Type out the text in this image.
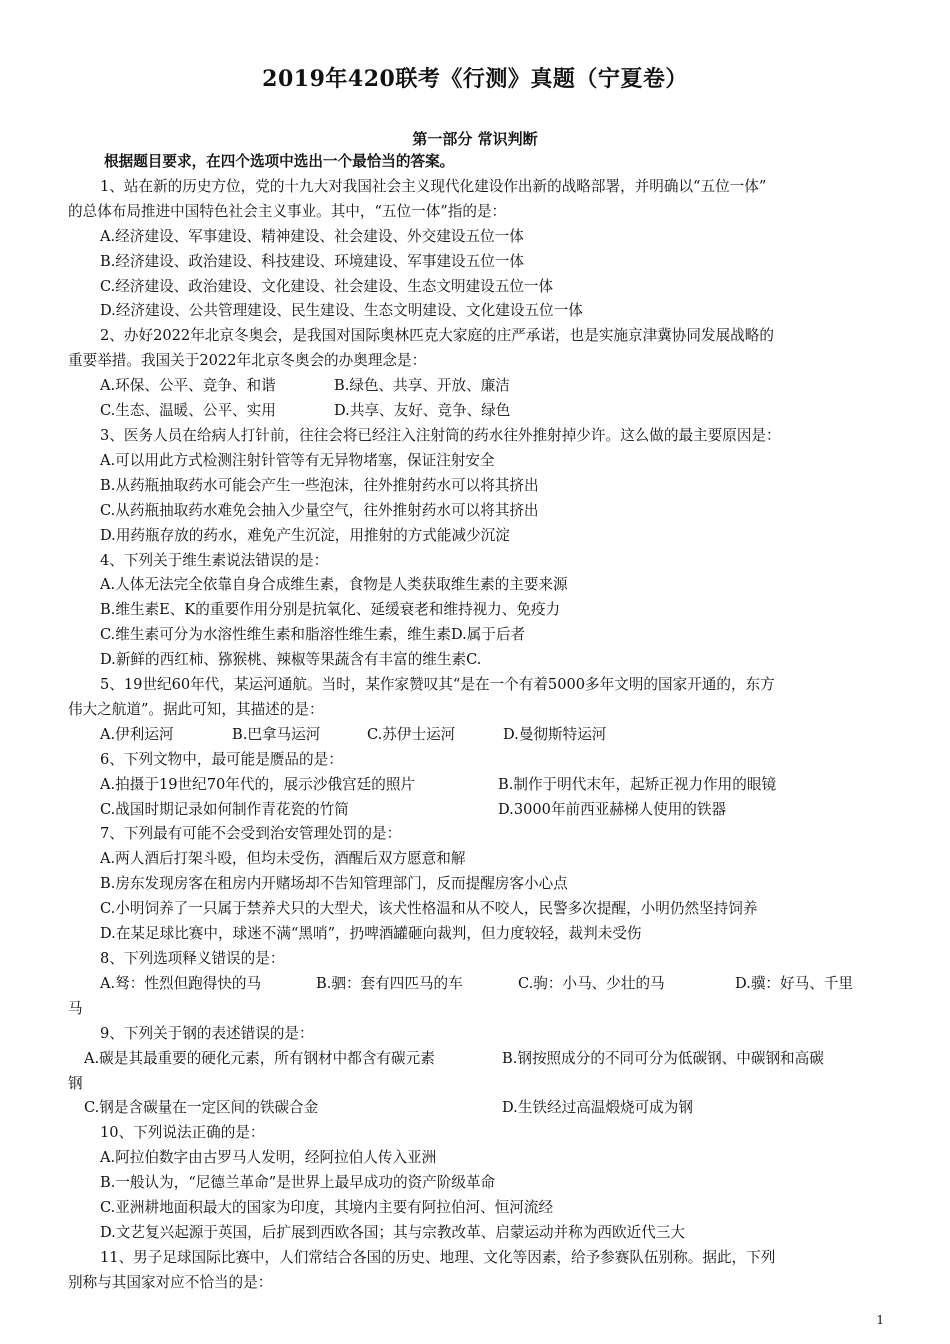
2019年420联考《行测》真题（宁夏卷）
第一部分 常识判断

根据题目要求，在四个选项中选出一个最恰当的答案。

1、站在新的历史方位，党的十九大对我国社会主义现代化建设作出新的战略部署，并明确以“五位一体”

的总体布局推进中国特色社会主义事业。其中，“五位一体”指的是：

A.经济建设、军事建设、精神建设、社会建设、外交建设五位一体

B.经济建设、政治建设、科技建设、环境建设、军事建设五位一体

C.经济建设、政治建设、文化建设、社会建设、生态文明建设五位一体

D.经济建设、公共管理建设、民生建设、生态文明建设、文化建设五位一体

2、办好2022年北京冬奥会，是我国对国际奥林匹克大家庭的庄严承诺，也是实施京津冀协同发展战略的

重要举措。我国关于2022年北京冬奥会的办奥理念是：

A.环保、公平、竞争、和谐	B.绿色、共享、开放、廉洁

C.生态、温暖、公平、实用	D.共享、友好、竞争、绿色

3、医务人员在给病人打针前，往往会将已经注入注射筒的药水往外推射掉少许。这么做的最主要原因是：

A.可以用此方式检测注射针管等有无异物堵塞，保证注射安全

B.从药瓶抽取药水可能会产生一些泡沫，往外推射药水可以将其挤出

C.从药瓶抽取药水难免会抽入少量空气，往外推射药水可以将其挤出

D.用药瓶存放的药水，难免产生沉淀，用推射的方式能减少沉淀

4、下列关于维生素说法错误的是：

A.人体无法完全依靠自身合成维生素，食物是人类获取维生素的主要来源

B.维生素E、K的重要作用分别是抗氧化、延缓衰老和维持视力、免疫力

C.维生素可分为水溶性维生素和脂溶性维生素，维生素D.属于后者

D.新鲜的西红柿、猕猴桃、辣椒等果蔬含有丰富的维生素C.

5、19世纪60年代，某运河通航。当时，某作家赞叹其“是在一个有着5000多年文明的国家开通的，东方

伟大之航道”。据此可知，其描述的是：

A.伊利运河	B.巴拿马运河	C.苏伊士运河	D.曼彻斯特运河

6、下列文物中，最可能是赝品的是：

A.拍摄于19世纪70年代的，展示沙俄宫廷的照片	B.制作于明代末年，起矫正视力作用的眼镜

C.战国时期记录如何制作青花瓷的竹简	D.3000年前西亚赫梯人使用的铁器

7、下列最有可能不会受到治安管理处罚的是：

A.两人酒后打架斗殴，但均未受伤，酒醒后双方愿意和解

B.房东发现房客在租房内开赌场却不告知管理部门，反而提醒房客小心点

C.小明饲养了一只属于禁养犬只的大型犬，该犬性格温和从不咬人，民警多次提醒，小明仍然坚持饲养

D.在某足球比赛中，球迷不满“黑哨”，扔啤酒罐砸向裁判，但力度较轻，裁判未受伤

8、下列选项释义错误的是：

A.驽：性烈但跑得快的马	B.驷：套有四匹马的车	C.驹：小马、少壮的马	D.骥：好马、千里

马

9、下列关于钢的表述错误的是：

A.碳是其最重要的硬化元素，所有钢材中都含有碳元素	B.钢按照成分的不同可分为低碳钢、中碳钢和高碳

钢

C.钢是含碳量在一定区间的铁碳合金	D.生铁经过高温煅烧可成为钢

10、下列说法正确的是：

A.阿拉伯数字由古罗马人发明，经阿拉伯人传入亚洲

B.一般认为，“尼德兰革命”是世界上最早成功的资产阶级革命

C.亚洲耕地面积最大的国家为印度，其境内主要有阿拉伯河、恒河流经

D.文艺复兴起源于英国，后扩展到西欧各国；其与宗教改革、启蒙运动并称为西欧近代三大

11、男子足球国际比赛中，人们常结合各国的历史、地理、文化等因素，给予参赛队伍别称。据此，下列

别称与其国家对应不恰当的是：

1
